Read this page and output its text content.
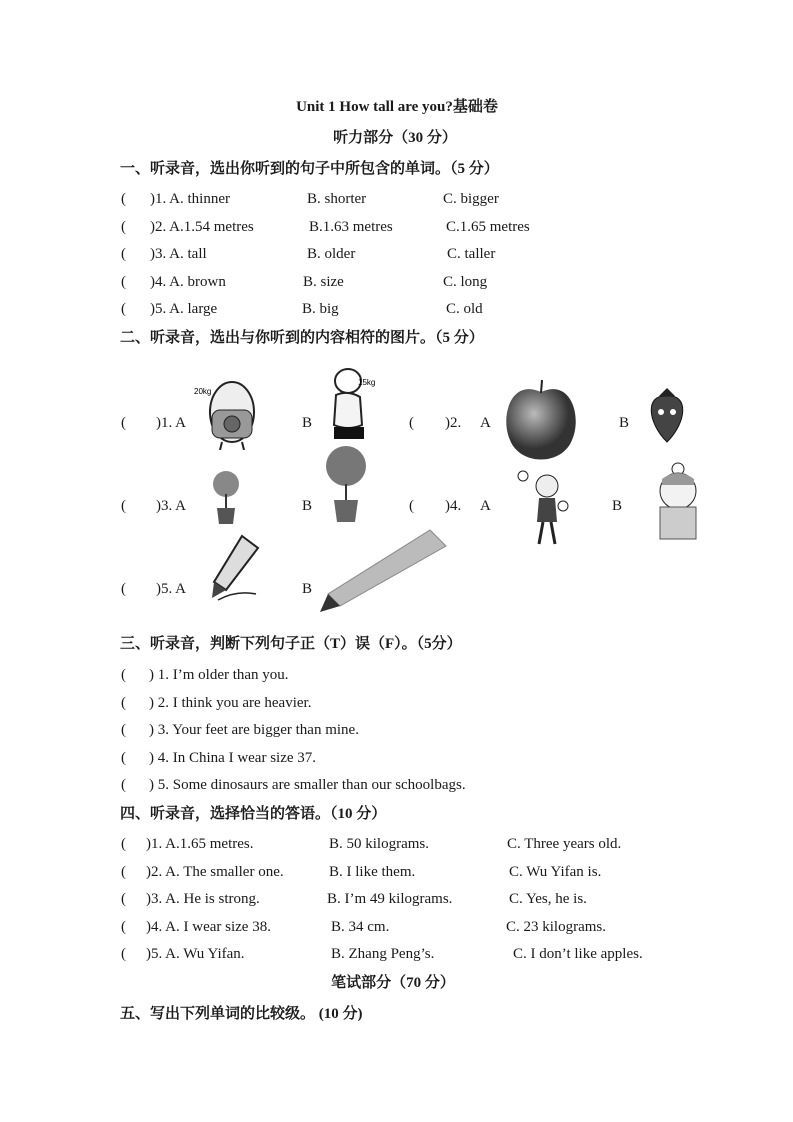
Unit 1 How tall are you?基础卷
听力部分（30 分）
一、听录音，选出你听到的句子中所包含的单词。（5 分）
( )1. A. thinner	B. shorter	C. bigger
( )2. A.1.54 metres	B.1.63 metres	C.1.65 metres
( )3. A. tall	B. older	C. taller
( )4. A. brown	B. size	C. long
( )5. A. large	B. big	C. old
二、听录音，选出与你听到的内容相符的图片。（5 分）
( )1. A	B	( )2. A	B
( )3. A	B	( )4. A	B
( )5. A	B
20kg
15kg
三、听录音，判断下列句子正（T）误（F）。（5分）
( ) 1. I’m older than you.
( ) 2. I think you are heavier.
( ) 3. Your feet are bigger than mine.
( ) 4. In China I wear size 37.
( ) 5. Some dinosaurs are smaller than our schoolbags.
四、听录音，选择恰当的答语。（10 分）
( )1. A.1.65 metres.	B. 50 kilograms.	C. Three years old.
( )2. A. The smaller one.	B. I like them.	C. Wu Yifan is.
( )3. A. He is strong.	B. I’m 49 kilograms.	C. Yes, he is.
( )4. A. I wear size 38.	B. 34 cm.	C. 23 kilograms.
( )5. A. Wu Yifan.	B. Zhang Peng’s.	C. I don’t like apples.
笔试部分（70 分）
五、写出下列单词的比较级。 (10 分)
